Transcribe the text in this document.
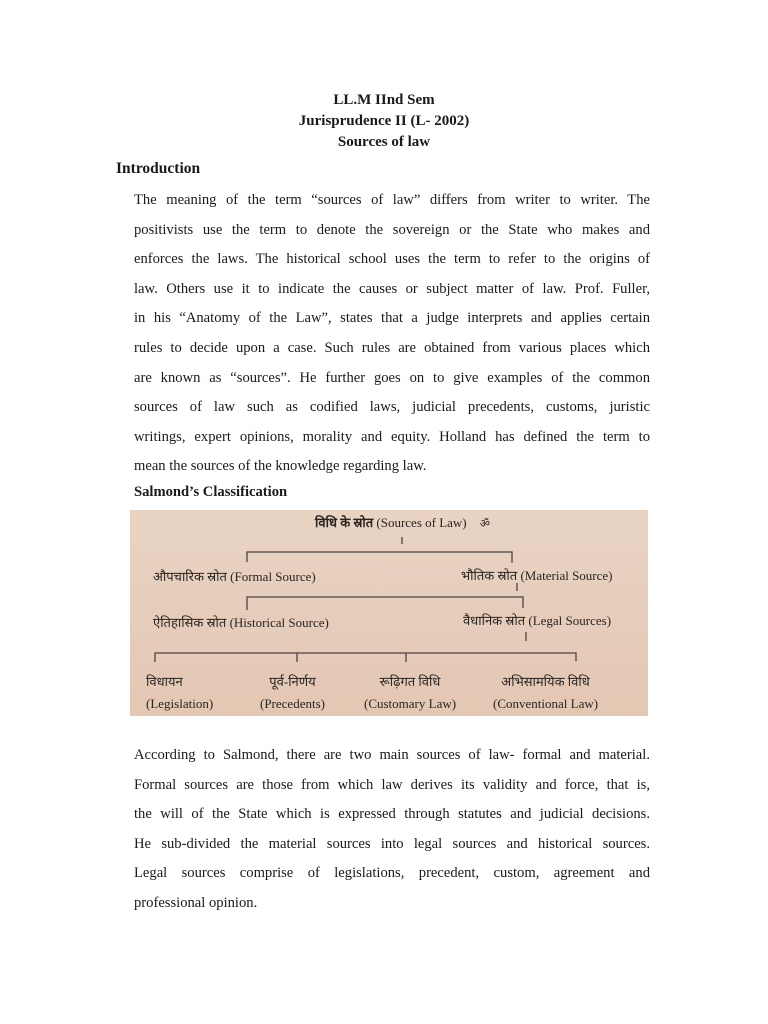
LL.M IInd Sem
Jurisprudence II (L- 2002)
Sources of law
Introduction
The meaning of the term “sources of law” differs from writer to writer. The
positivists use the term to denote the sovereign or the State who makes and
enforces the laws. The historical school uses the term to refer to the origins of
law. Others use it to indicate the causes or subject matter of law. Prof. Fuller,
in his “Anatomy of the Law”, states that a judge interprets and applies certain
rules to decide upon a case. Such rules are obtained from various places which
are known as “sources”. He further goes on to give examples of the common
sources of law such as codified laws, judicial precedents, customs, juristic
writings, expert opinions, morality and equity. Holland has defined the term to
mean the sources of the knowledge regarding law.
Salmond’s Classification
विधि के स्रोत (Sources of Law) ॐ
औपचारिक स्रोत (Formal Source)	भौतिक स्रोत (Material Source)
ऐतिहासिक स्रोत (Historical Source)	वैधानिक स्रोत (Legal Sources)
विधायन
(Legislation)
पूर्व-निर्णय
(Precedents)
रूढ़िगत विधि
(Customary Law)
अभिसामयिक विधि
(Conventional Law)
According to Salmond, there are two main sources of law- formal and material.
Formal sources are those from which law derives its validity and force, that is,
the will of the State which is expressed through statutes and judicial decisions.
He sub-divided the material sources into legal sources and historical sources.
Legal sources comprise of legislations, precedent, custom, agreement and
professional opinion.
